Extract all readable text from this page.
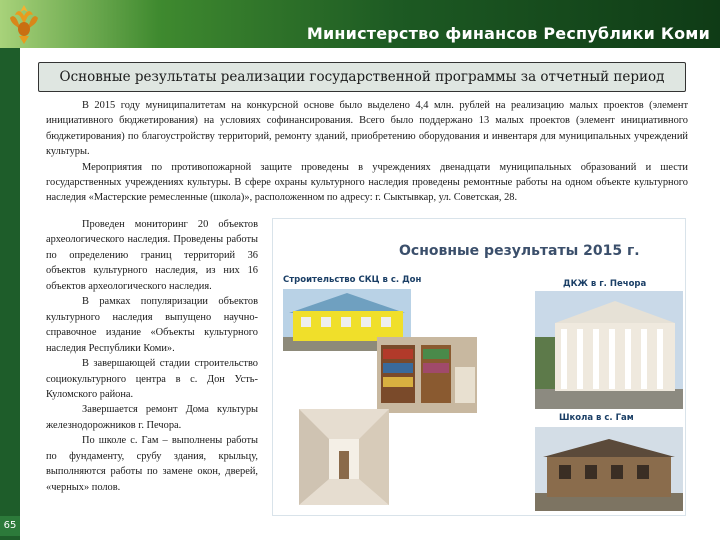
Министерство финансов Республики Коми
65
Основные результаты реализации государственной программы за отчетный период

В 2015 году муниципалитетам на конкурсной основе было выделено 4,4 млн. рублей на реализацию малых проектов (элемент инициативного бюджетирования) на условиях софинансирования. Всего было поддержано 13 малых проектов (элемент инициативного бюджетирования) по благоустройству территорий, ремонту зданий, приобретению оборудования и инвентаря для муниципальных учреждений культуры.

Мероприятия по противопожарной защите проведены в учреждениях двенадцати муниципальных образований и шести государственных учреждениях культуры. В сфере охраны культурного наследия проведены ремонтные работы на одном объекте культурного наследия «Мастерские ремесленные (школа)», расположенном по адресу: г. Сыктывкар, ул. Советская, 28.

Проведен мониторинг 20 объектов археологического наследия. Проведены работы по определению границ территорий 36 объектов культурного наследия, из них 16 объектов археологического наследия.

В рамках популяризации объектов культурного наследия выпущено научно-справочное издание «Объекты культурного наследия Республики Коми».

В завершающей стадии строительство социокультурного центра в с. Дон Усть-Куломского района.

Завершается ремонт Дома культуры железнодорожников г. Печора.

По школе с. Гам – выполнены работы по фундаменту, срубу здания, крыльцу, выполняются работы по замене окон, дверей, «черных» полов.

Основные результаты 2015 г.
Строительство СКЦ в с. Дон	ДКЖ в г. Печора
Школа в с. Гам
